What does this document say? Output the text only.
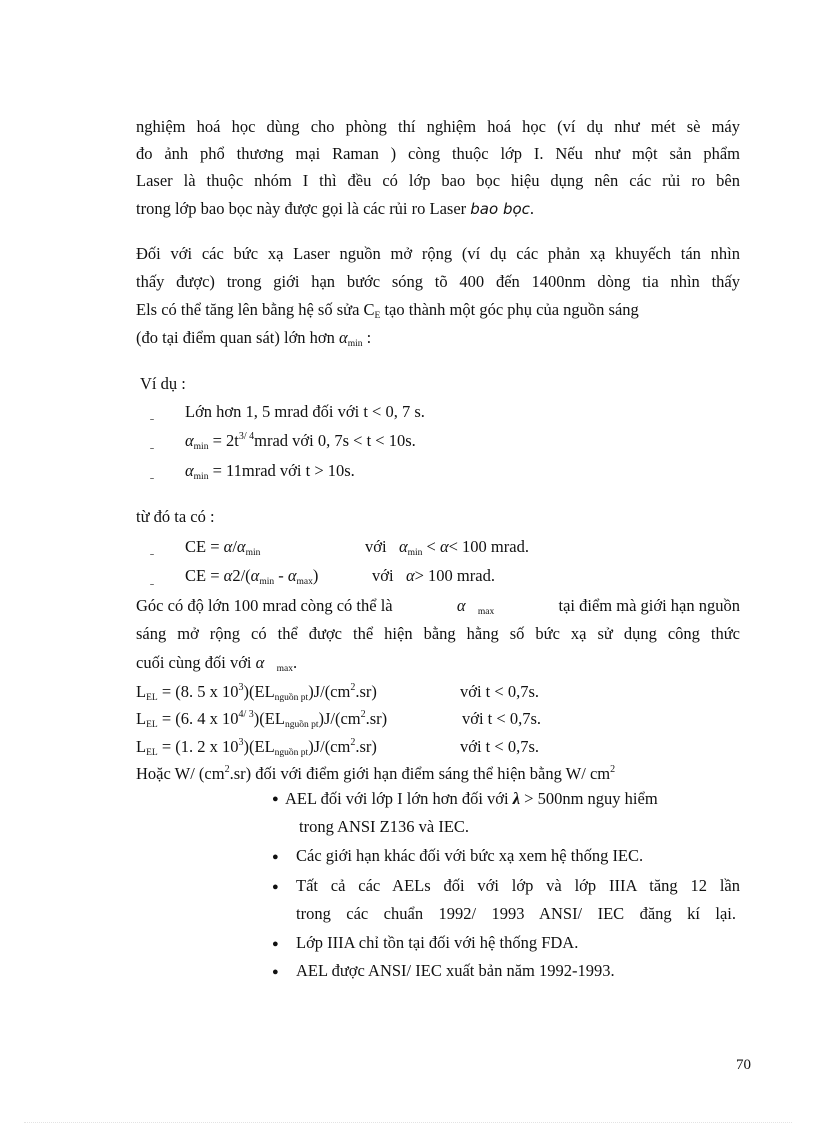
nghiệm hoá học dùng cho phòng thí nghiệm hoá học (ví dụ như mét sè máy
đo ảnh phổ thương mại Raman ) còng thuộc lớp I. Nếu như một sản phẩm
Laser là thuộc nhóm I thì đều có lớp bao bọc hiệu dụng nên các rủi ro bên
trong lớp bao bọc này được gọi là các rủi ro Laser bao bọc.
Đối với các bức xạ Laser nguồn mở rộng (ví dụ các phản xạ khuyếch tán nhìn
thấy được) trong giới hạn bước sóng tõ 400 đến 1400nm dòng tia nhìn thấy
Els có thể tăng lên bằng hệ số sửa $C_E$ tạo thành một góc phụ của nguồn sáng
(đo tại điểm quan sát) lớn hơn $\alpha_{min}$ :
Ví dụ :
ˍ Lớn hơn 1, 5 mrad đối với t < 0, 7 s.
ˍ $\alpha_{min}$ = $2t^{3/ 4}mrad$ với 0, 7s < t < 10s.
ˍ $\alpha_{min}$ = 11mrad với t > 10s.
từ đó ta có :
ˍ CE = $\alpha/\alpha_{min}$	với $\alpha_{min} < \alpha< 100$ mrad.
ˍ CE = $\alpha 2/(\alpha_{min} - \alpha_{max})$	với α> 100 mrad.
Góc có độ lớn 100 mrad còng có thể là	α $_{max}$	tại điểm mà giới hạn nguồn
sáng mở rộng có thể được thể hiện bằng hằng số bức xạ sử dụng công thức
cuối cùng đối với α $_{max}$.
$L_{EL} = (8$. 5 x $10^3)(EL_{nguồn pt})J/(cm^2.sr)$	với t < 0,7s.
$L_{EL} = (6$. 4 x $10^{4/ 3})(EL_{nguồn pt})J/(cm^2.sr)$	với t < 0,7s.
$L_{EL} = (1$. 2 x $10^3)(EL_{nguồn pt})J/(cm^2.sr)$	với t < 0,7s.
Hoặc W/ $(cm^2.sr)$ đối với điểm giới hạn điểm sáng thể hiện bằng W/ $cm^2$
● AEL đối với lớp I lớn hơn đối với λ > 500nm nguy hiểm
trong ANSI Z136 và IEC.
● Các giới hạn khác đối với bức xạ xem hệ thống IEC.
● Tất cả các AELs đối với lớp và lớp IIIA tăng 12 lần
trong các chuẩn 1992/ 1993 ANSI/ IEC đăng kí lại.
● Lớp IIIA chỉ tồn tại đối với hệ thống FDA.
● AEL được ANSI/ IEC xuất bản năm 1992-1993.
70
